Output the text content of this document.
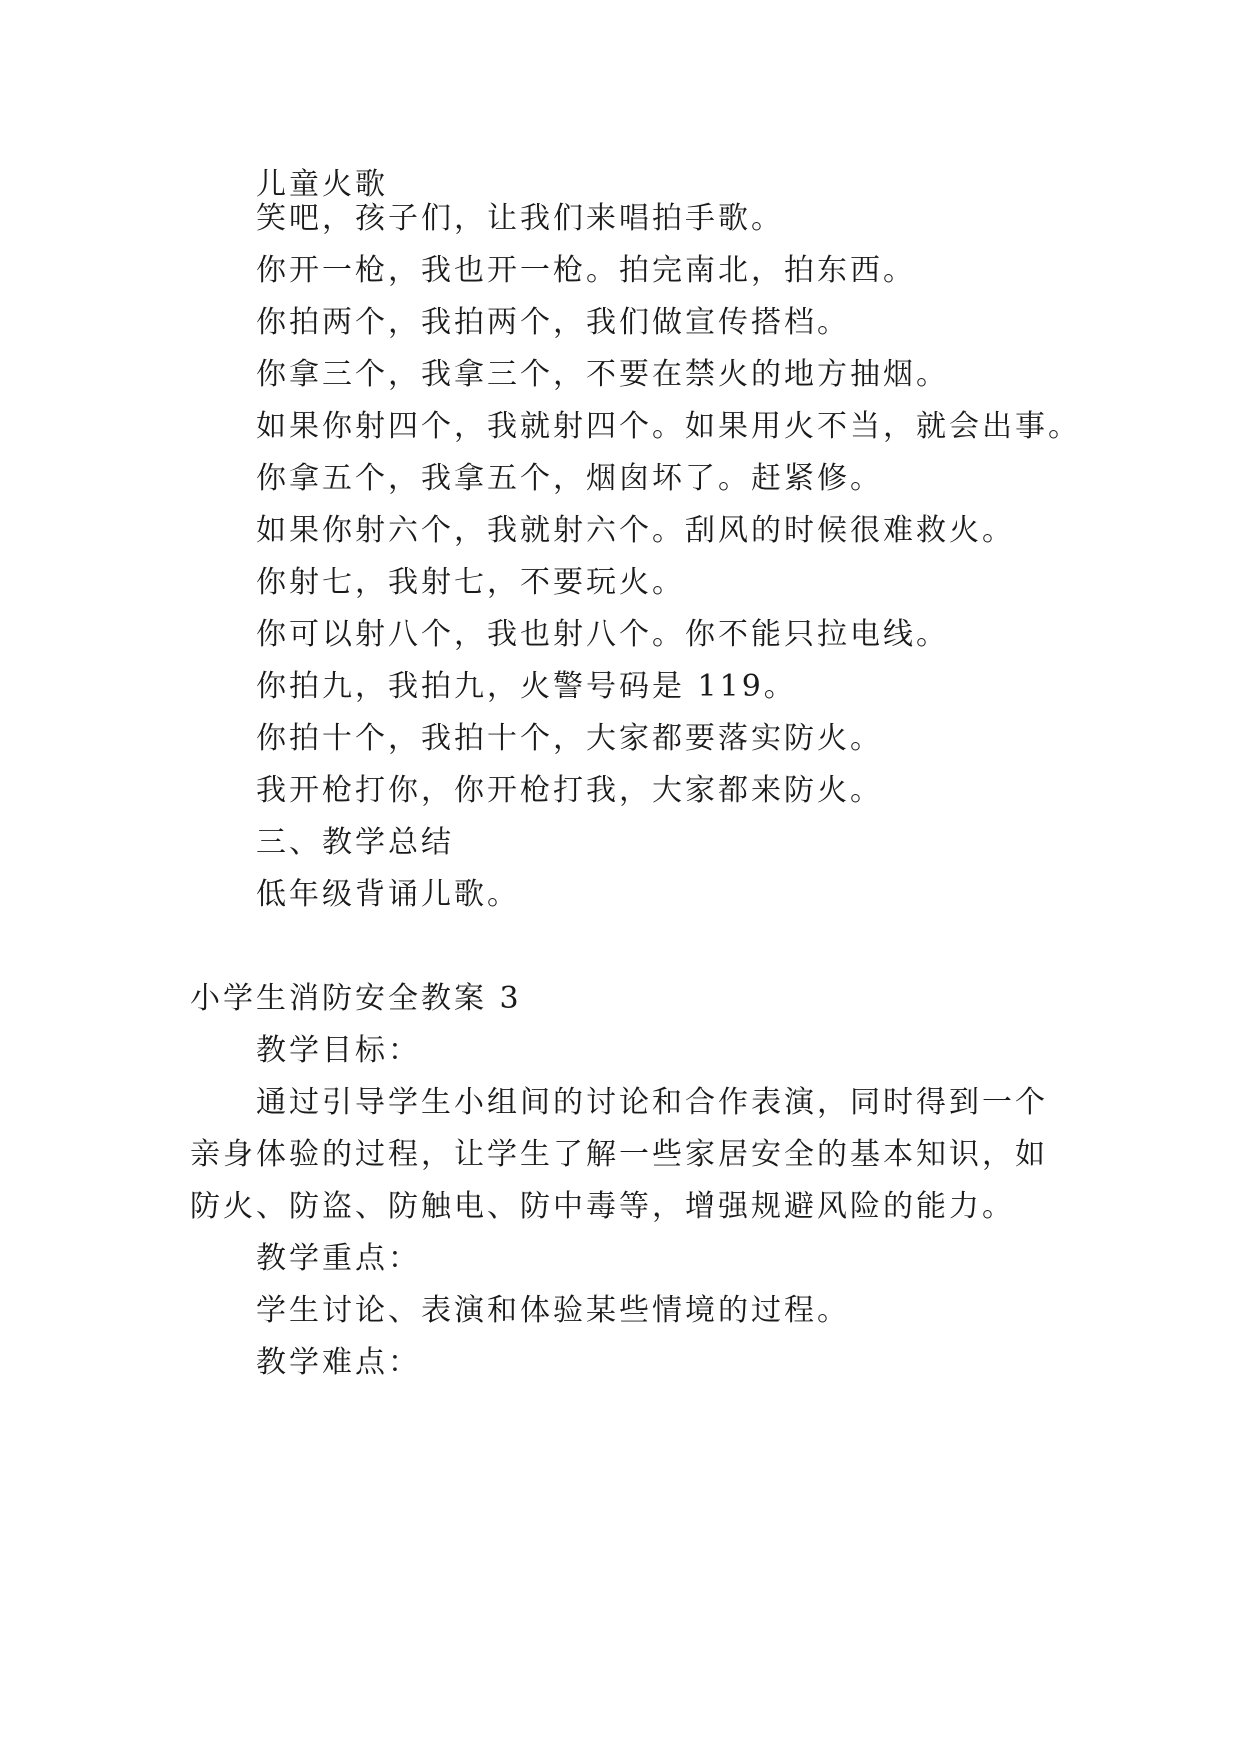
儿童火歌
笑吧，孩子们，让我们来唱拍手歌。
你开一枪，我也开一枪。拍完南北，拍东西。
你拍两个，我拍两个，我们做宣传搭档。
你拿三个，我拿三个，不要在禁火的地方抽烟。
如果你射四个，我就射四个。如果用火不当，就会出事。
你拿五个，我拿五个，烟囱坏了。赶紧修。
如果你射六个，我就射六个。刮风的时候很难救火。
你射七，我射七，不要玩火。
你可以射八个，我也射八个。你不能只拉电线。
你拍九，我拍九，火警号码是 119。
你拍十个，我拍十个，大家都要落实防火。
我开枪打你，你开枪打我，大家都来防火。
三、教学总结
低年级背诵儿歌。
小学生消防安全教案 3
教学目标：
通过引导学生小组间的讨论和合作表演，同时得到一个
亲身体验的过程，让学生了解一些家居安全的基本知识，如
防火、防盗、防触电、防中毒等，增强规避风险的能力。
教学重点：
学生讨论、表演和体验某些情境的过程。
教学难点：
